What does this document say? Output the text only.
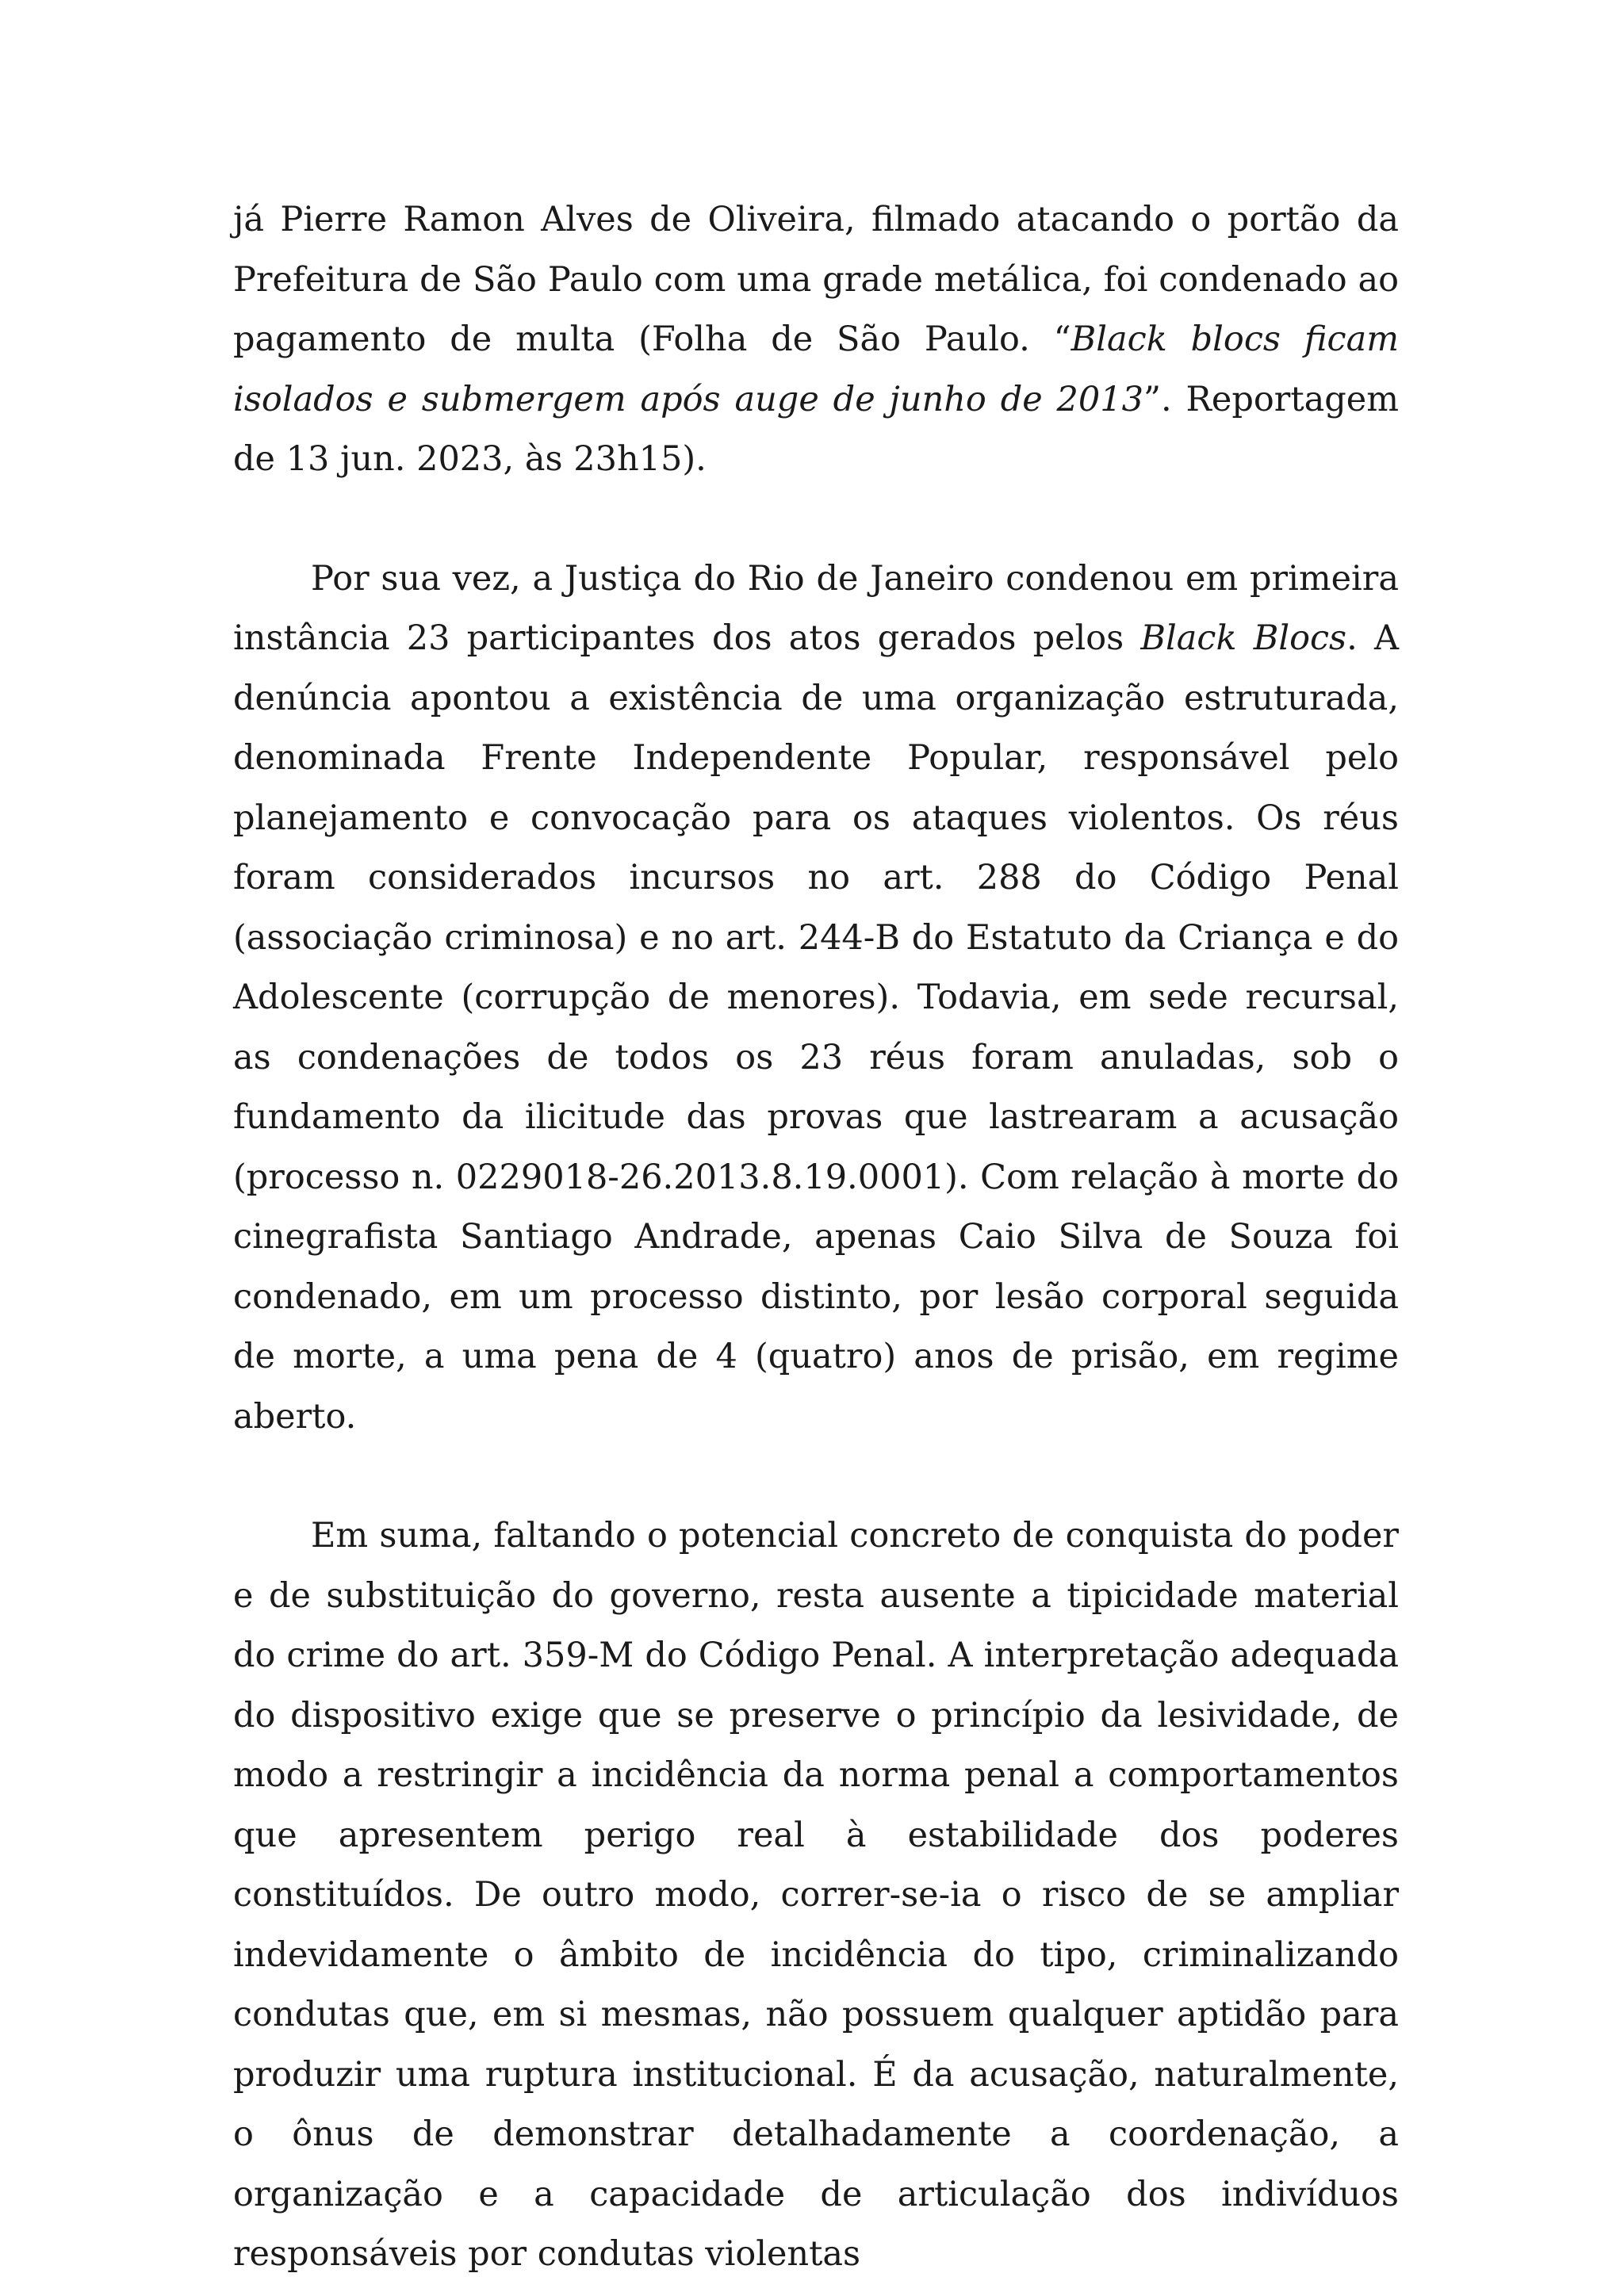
já Pierre Ramon Alves de Oliveira, filmado atacando o portão da Prefeitura de São Paulo com uma grade metálica, foi condenado ao pagamento de multa (Folha de São Paulo. “Black blocs ficam isolados e submergem após auge de junho de 2013”. Reportagem de 13 jun. 2023, às 23h15).

Por sua vez, a Justiça do Rio de Janeiro condenou em primeira instância 23 participantes dos atos gerados pelos Black Blocs. A denúncia apontou a existência de uma organização estruturada, denominada Frente Independente Popular, responsável pelo planejamento e convocação para os ataques violentos. Os réus foram considerados incursos no art. 288 do Código Penal (associação criminosa) e no art. 244-B do Estatuto da Criança e do Adolescente (corrupção de menores). Todavia, em sede recursal, as condenações de todos os 23 réus foram anuladas, sob o fundamento da ilicitude das provas que lastrearam a acusação (processo n. 0229018-26.2013.8.19.0001). Com relação à morte do cinegrafista Santiago Andrade, apenas Caio Silva de Souza foi condenado, em um processo distinto, por lesão corporal seguida de morte, a uma pena de 4 (quatro) anos de prisão, em regime aberto.

Em suma, faltando o potencial concreto de conquista do poder e de substituição do governo, resta ausente a tipicidade material do crime do art. 359-M do Código Penal. A interpretação adequada do dispositivo exige que se preserve o princípio da lesividade, de modo a restringir a incidência da norma penal a comportamentos que apresentem perigo real à estabilidade dos poderes constituídos. De outro modo, correr-se-ia o risco de se ampliar indevidamente o âmbito de incidência do tipo, criminalizando condutas que, em si mesmas, não possuem qualquer aptidão para produzir uma ruptura institucional. É da acusação, naturalmente, o ônus de demonstrar detalhadamente a coordenação, a organização e a capacidade de articulação dos indivíduos responsáveis por condutas violentas
